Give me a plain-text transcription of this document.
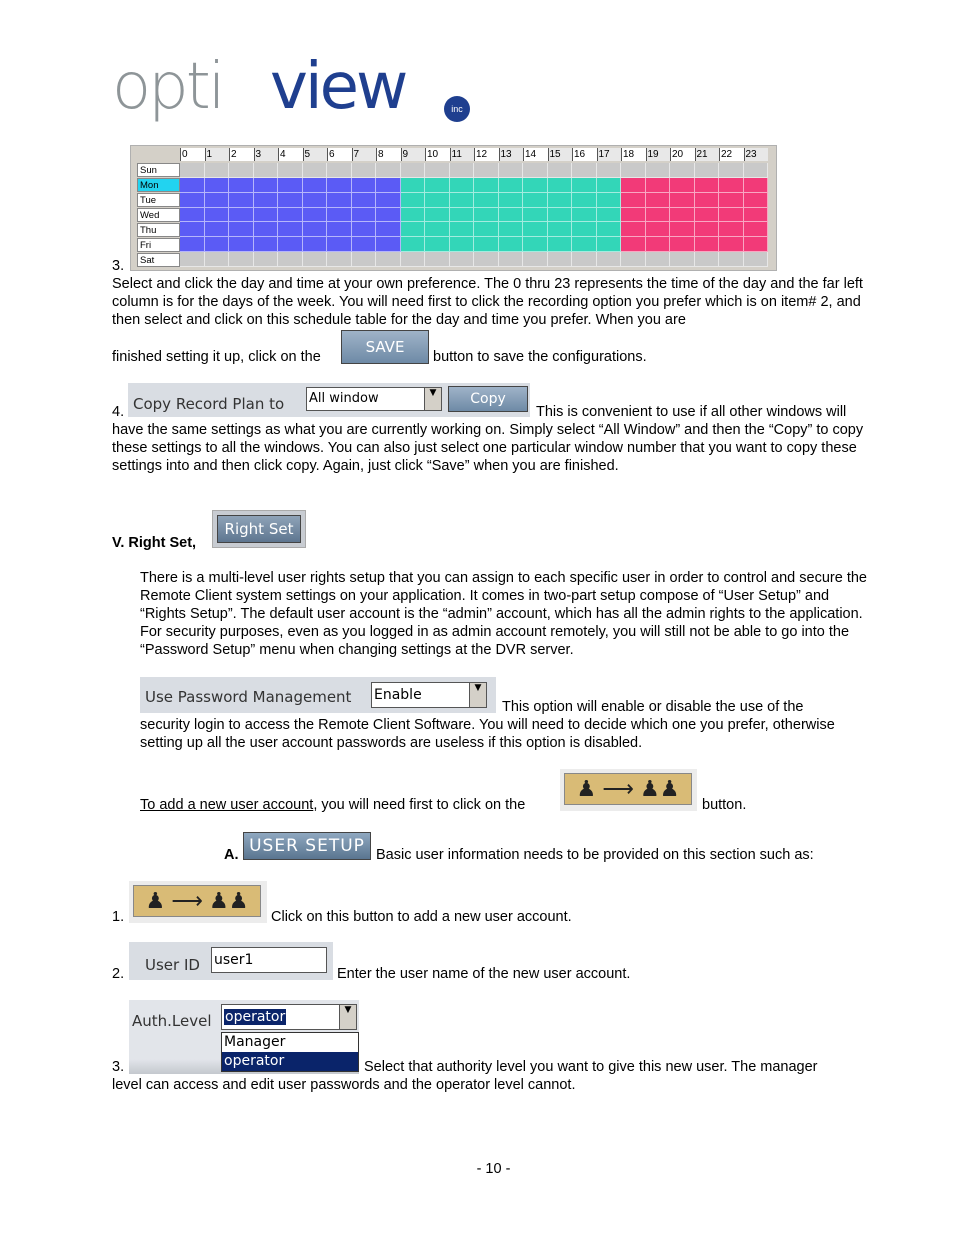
opti view	inc
0	1	2	3	4	5	6	7	8	9	10	11	12	13	14	15	16	17	18	19	20	21	22	23
Sun
Mon
Tue
Wed
Thu
Fri
Sat

3.

Select and click the day and time at your own preference. The 0 thru 23 represents the time of the day and the far left column is for the days of the week. You will need first to click the recording option you prefer which is on item# 2, and then select and click on this schedule table for the day and time you prefer. When you are

finished setting it up, click on the

SAVE

button to save the configurations.

4. Copy Record Plan to All window	▼	Copy

This is convenient to use if all other windows will

have the same settings as what you are currently working on. Simply select “All Window” and then the “Copy” to copy these settings to all the windows. You can also just select one particular window number that you want to copy these settings into and then click copy. Again, just click “Save” when you are finished.

V. Right Set,

Right Set

There is a multi-level user rights setup that you can assign to each specific user in order to control and secure the Remote Client system settings on your application. It comes in two-part setup compose of “User Setup” and “Rights Setup”. The default user account is the “admin” account, which has all the admin rights to the application. For security purposes, even as you logged in as admin account remotely, you will still not be able to go into the “Password Setup” menu when changing settings at the DVR server.

Use Password Management Enable	▼

This option will enable or disable the use of the

security login to access the Remote Client Software. You will need to decide which one you prefer, otherwise setting up all the user account passwords are useless if this option is disabled.

To add a new user account, you will need first to click on the

♟ ⟶ ♟♟

button.

A. USER SETUP Basic user information needs to be provided on this section such as:

1.

♟ ⟶ ♟♟

Click on this button to add a new user account.

2. User ID user1

Enter the user name of the new user account.

3.

Auth.Level operator	▼
Manager
operator	Select that authority level you want to give this new user. The manager

level can access and edit user passwords and the operator level cannot.

- 10 -
